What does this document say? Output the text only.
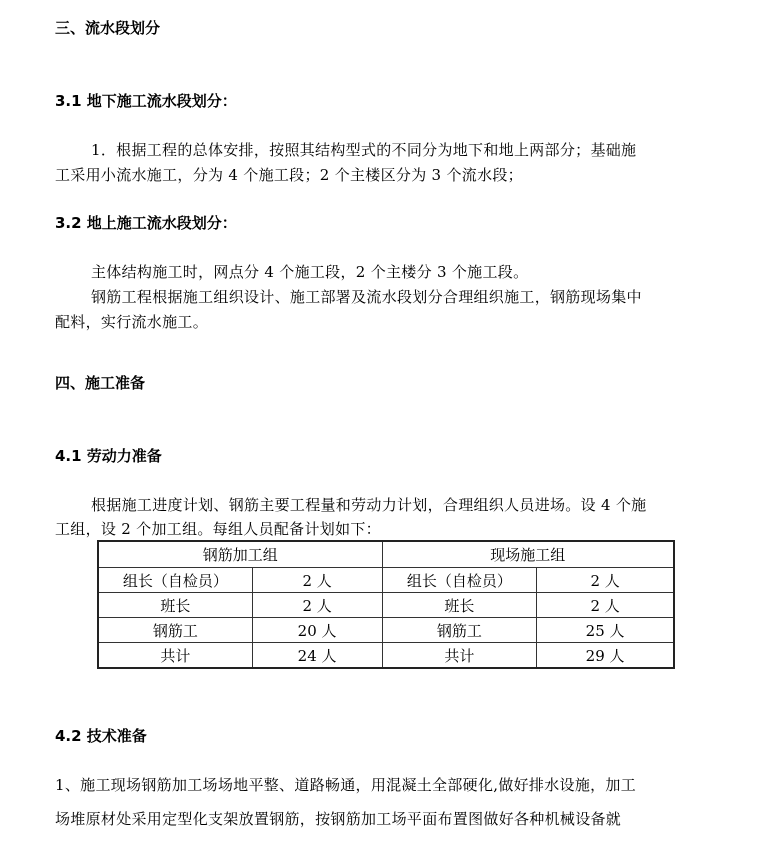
三、流水段划分
3.1 地下施工流水段划分：
1．根据工程的总体安排，按照其结构型式的不同分为地下和地上两部分；基础施
工采用小流水施工，分为 4 个施工段；2 个主楼区分为 3 个流水段；
3.2 地上施工流水段划分：
主体结构施工时，网点分 4 个施工段，2 个主楼分 3 个施工段。
钢筋工程根据施工组织设计、施工部署及流水段划分合理组织施工，钢筋现场集中
配料，实行流水施工。
四、施工准备
4.1 劳动力准备
根据施工进度计划、钢筋主要工程量和劳动力计划，合理组织人员进场。设 4 个施
工组，设 2 个加工组。每组人员配备计划如下：
钢筋加工组		现场施工组	
组长（自检员）	2 人	组长（自检员）	2 人
班长	2 人	班长	2 人
钢筋工	20 人	钢筋工	25 人
共计	24 人	共计	29 人
4.2 技术准备
1、施工现场钢筋加工场场地平整、道路畅通，用混凝土全部硬化,做好排水设施，加工
场堆原材处采用定型化支架放置钢筋，按钢筋加工场平面布置图做好各种机械设备就
